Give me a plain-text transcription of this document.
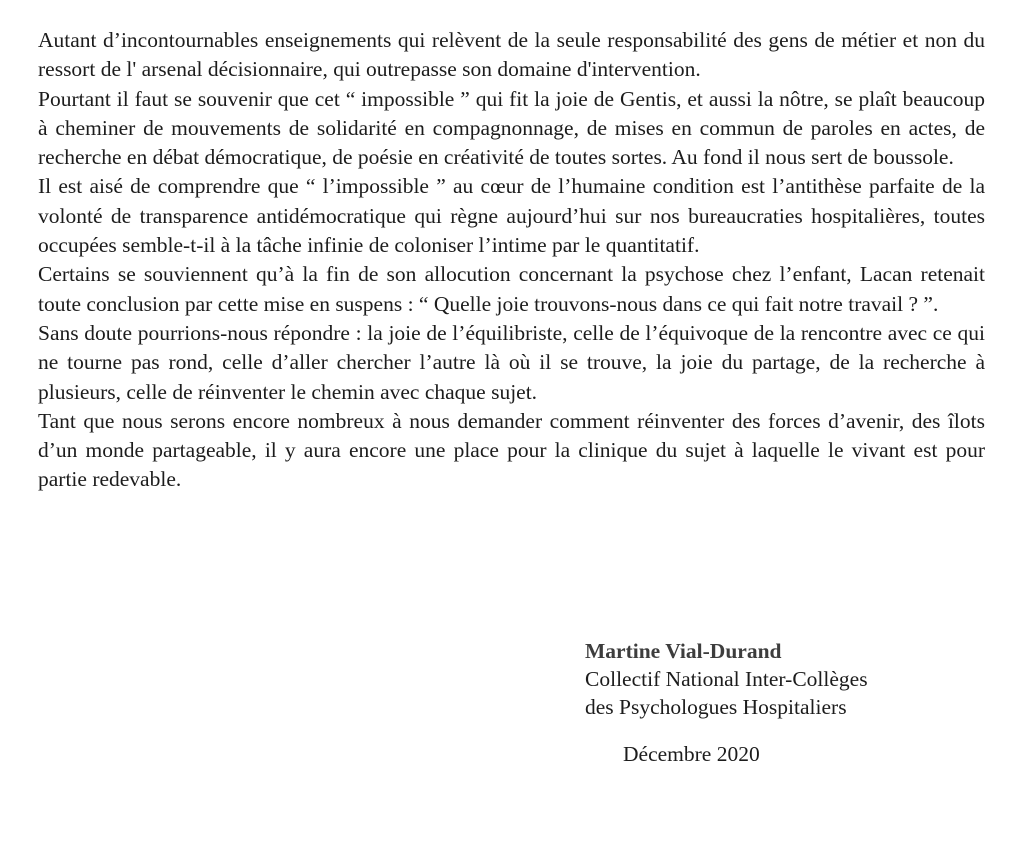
Autant d’incontournables enseignements qui relèvent de la seule responsabilité des gens de métier et non du ressort de l' arsenal décisionnaire, qui outrepasse son domaine d'intervention.

Pourtant il faut se souvenir que cet “ impossible ” qui fit la joie de Gentis, et aussi la nôtre, se plaît beaucoup à cheminer de mouvements de solidarité en compagnonnage, de mises en commun de paroles en actes, de recherche en débat démocratique, de poésie en créativité de toutes sortes. Au fond il nous sert de boussole.

Il est aisé de comprendre que “ l’impossible ” au cœur de l’humaine condition est l’antithèse parfaite de la volonté de transparence antidémocratique qui règne aujourd’hui sur nos bureaucraties hospitalières, toutes occupées semble-t-il à la tâche infinie de coloniser l’intime par le quantitatif.

Certains se souviennent qu’à la fin de son allocution concernant la psychose chez l’enfant, Lacan retenait toute conclusion par cette mise en suspens : “ Quelle joie trouvons-nous dans ce qui fait notre travail ? ”.

Sans doute pourrions-nous répondre : la joie de l’équilibriste, celle de l’équivoque de la rencontre avec ce qui ne tourne pas rond, celle d’aller chercher l’autre là où il se trouve, la joie du partage, de la recherche à plusieurs, celle de réinventer le chemin avec chaque sujet.

Tant que nous serons encore nombreux à nous demander comment réinventer des forces d’avenir, des îlots d’un monde partageable, il y aura encore une place pour la clinique du sujet à laquelle le vivant est pour partie redevable.

Martine Vial-Durand
Collectif National Inter-Collèges
des Psychologues Hospitaliers
Décembre 2020
